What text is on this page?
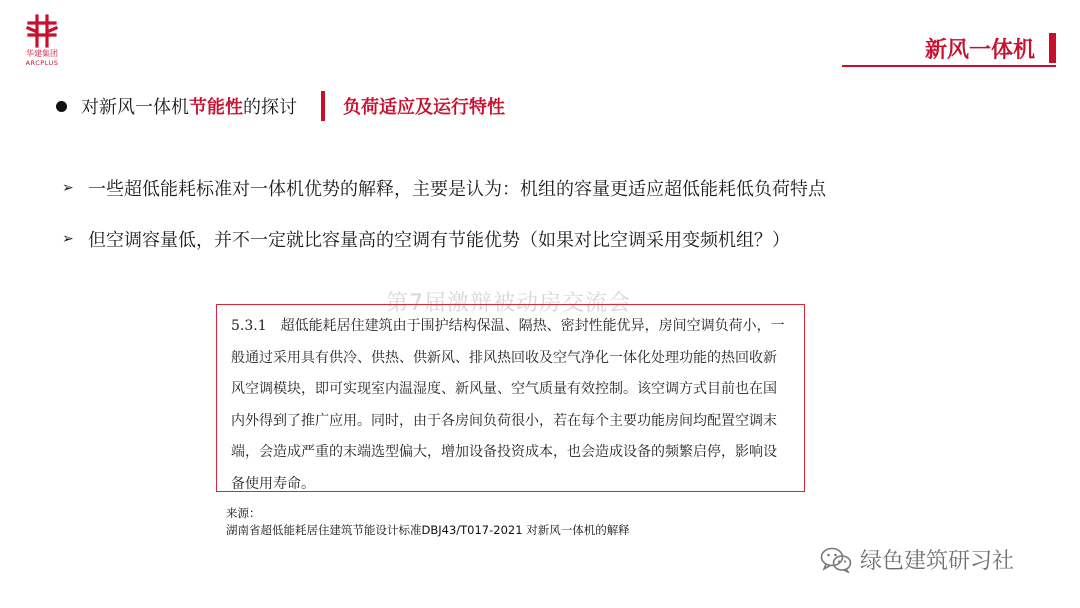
华建集团
ARCPLUS
新风一体机
对新风一体机 节能性 的探讨	负荷适应及运行特性
➢ 一些超低能耗标准对一体机优势的解释，主要是认为：机组的容量更适应超低能耗低负荷特点
➢ 但空调容量低，并不一定就比容量高的空调有节能优势（如果对比空调采用变频机组？）
第7届激辩被动房交流会
5.3.1 超低能耗居住建筑由于围护结构保温、隔热、密封性能优异，房间空调负荷小，一般通过采用具有供冷、供热、供新风、排风热回收及空气净化一体化处理功能的热回收新风空调模块，即可实现室内温湿度、新风量、空气质量有效控制。该空调方式目前也在国内外得到了推广应用。同时，由于各房间负荷很小，若在每个主要功能房间均配置空调末端，会造成严重的末端选型偏大，增加设备投资成本，也会造成设备的频繁启停，影响设备使用寿命。
来源：
湖南省超低能耗居住建筑节能设计标准DBJ43/T017-2021 对新风一体机的解释
绿色建筑研习社
